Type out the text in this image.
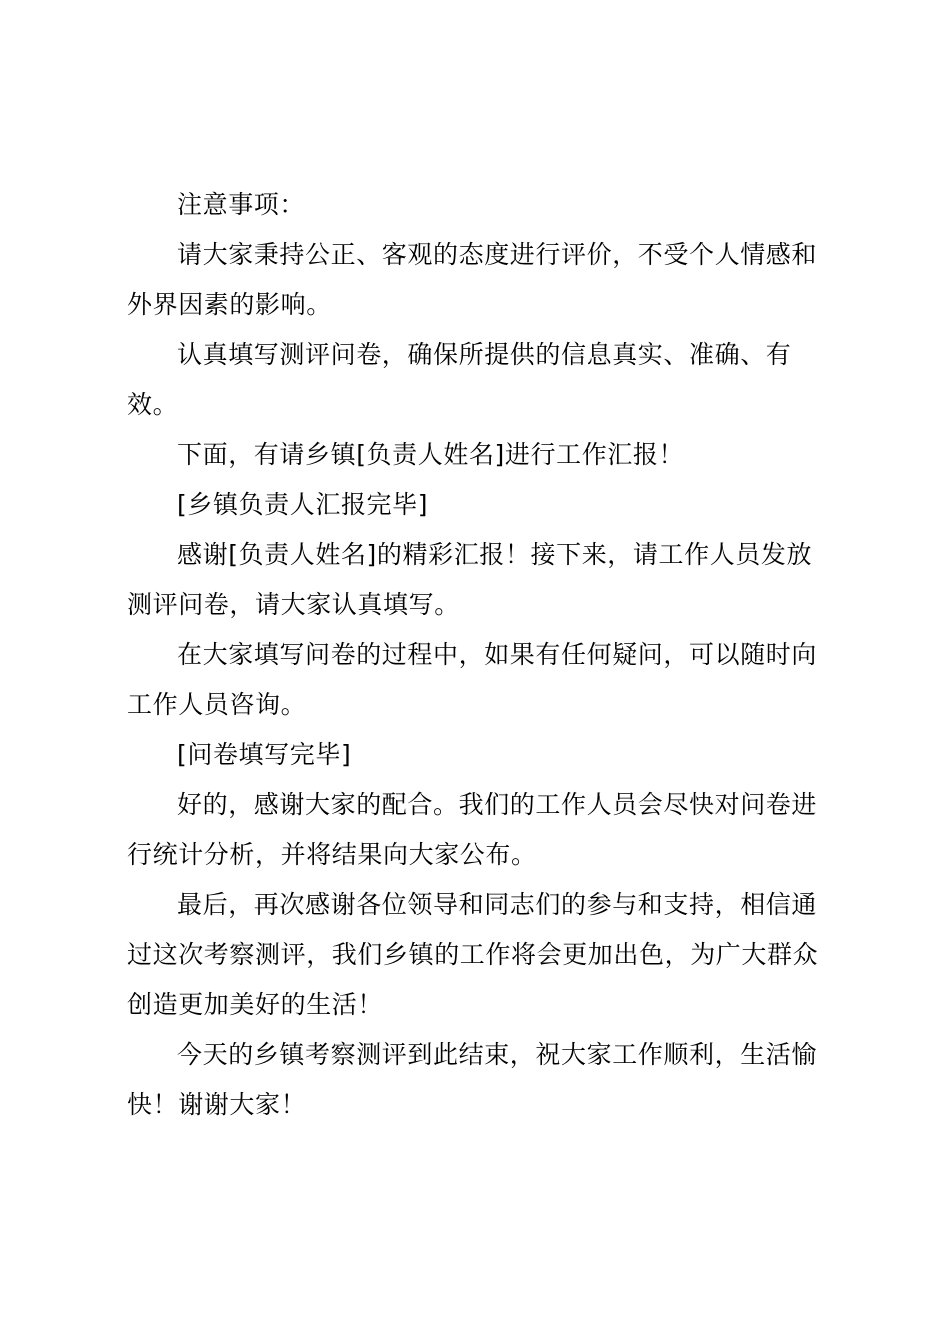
注意事项：

请大家秉持公正、客观的态度进行评价，不受个人情感和
外界因素的影响。

认真填写测评问卷，确保所提供的信息真实、准确、有效。

下面，有请乡镇[负责人姓名]进行工作汇报！

[乡镇负责人汇报完毕]

感谢[负责人姓名]的精彩汇报！接下来，请工作人员发放
测评问卷，请大家认真填写。

在大家填写问卷的过程中，如果有任何疑问，可以随时向
工作人员咨询。

[问卷填写完毕]

好的，感谢大家的配合。我们的工作人员会尽快对问卷进
行统计分析，并将结果向大家公布。

最后，再次感谢各位领导和同志们的参与和支持，相信通
过这次考察测评，我们乡镇的工作将会更加出色，为广大群众
创造更加美好的生活！

今天的乡镇考察测评到此结束，祝大家工作顺利，生活愉
快！谢谢大家！
